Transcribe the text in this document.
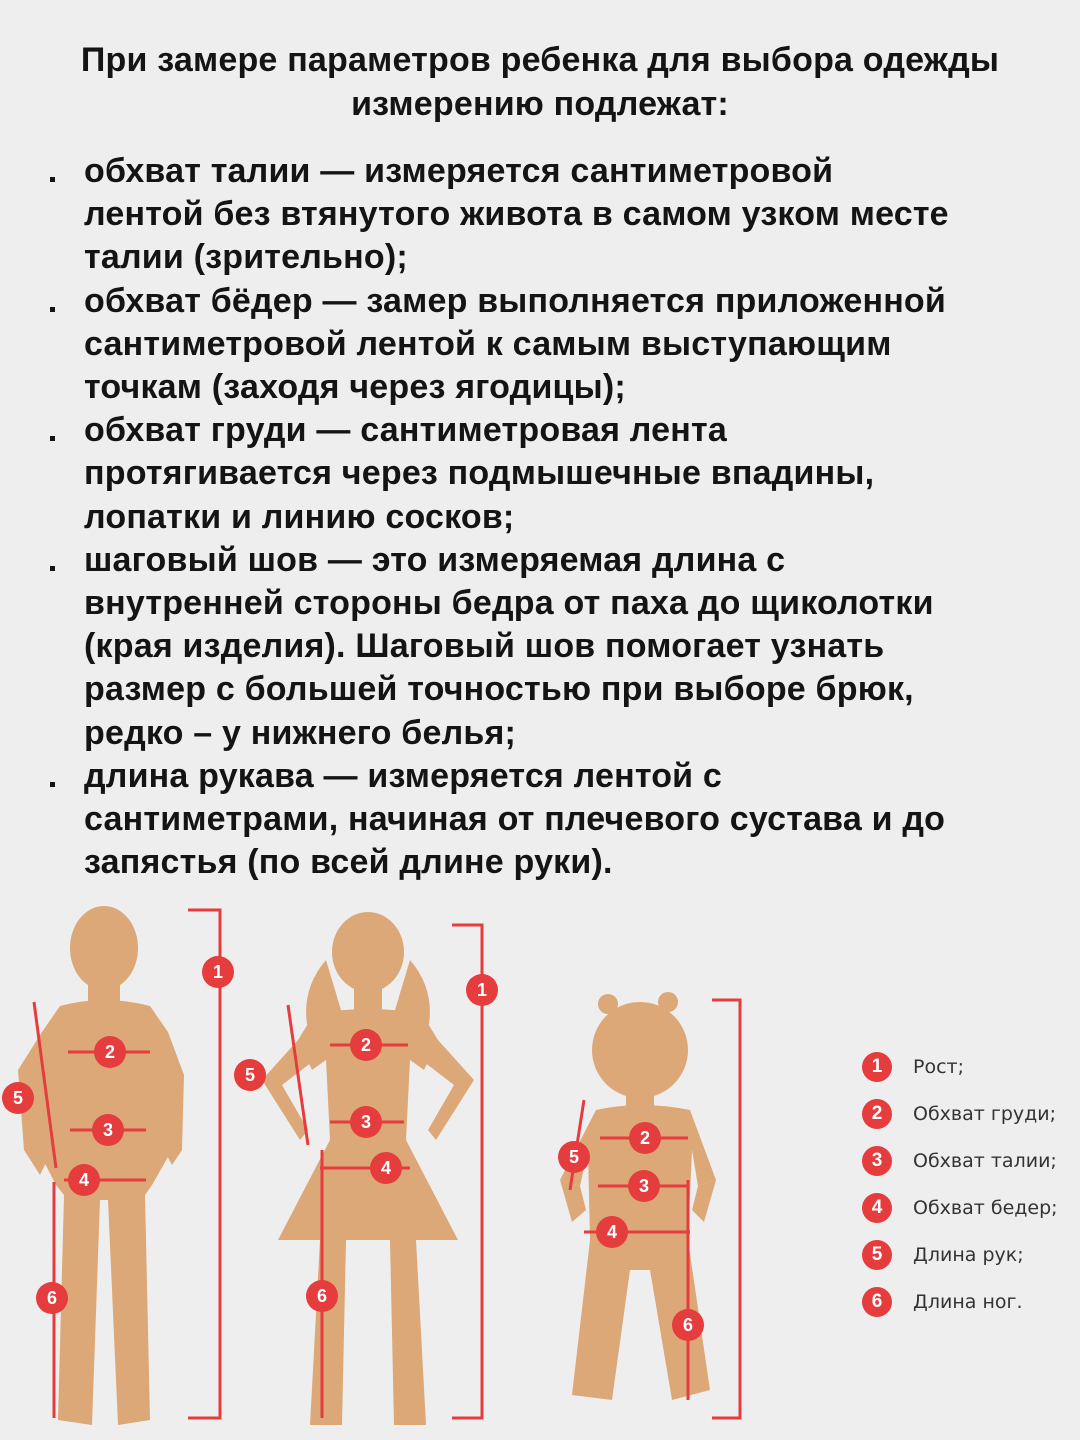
При замере параметров ребенка для выбора одежды
измерению подлежат:
обхват талии — измеряется сантиметровой
лентой без втянутого живота в самом узком месте
талии (зрительно);
обхват бёдер — замер выполняется приложенной
сантиметровой лентой к самым выступающим
точкам (заходя через ягодицы);
обхват груди — сантиметровая лента
протягивается через подмышечные впадины,
лопатки и линию сосков;
шаговый шов — это измеряемая длина с
внутренней стороны бедра от паха до щиколотки
(края изделия). Шаговый шов помогает узнать
размер с большей точностью при выборе брюк,
редко – у нижнего белья;
длина рукава — измеряется лентой с
сантиметрами, начиная от плечевого сустава и до
запястья (по всей длине руки).
1
1
2	2
2
3	3
3
4
4
4
5
5
5
6	6
6
1	Рост;
2	Обхват груди;
3	Обхват талии;
4	Обхват бедер;
5	Длина рук;
6	Длина ног.
